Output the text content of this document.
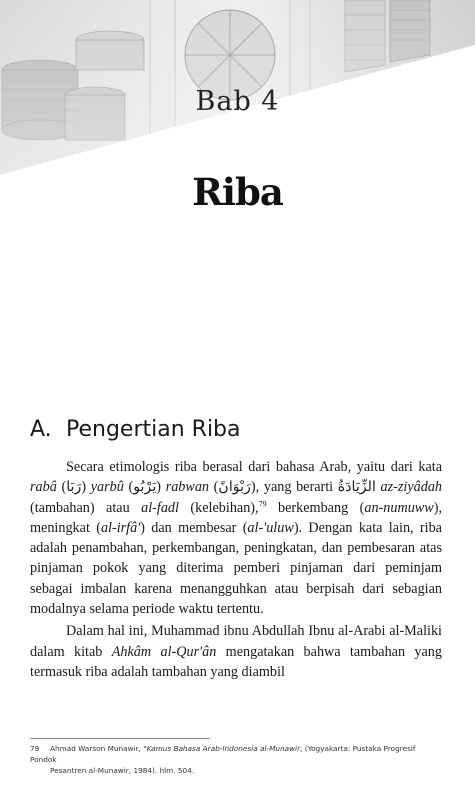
Bab 4
Riba
A. Pengertian Riba

Secara etimologis riba berasal dari bahasa Arab, yaitu dari kata rabâ (رَبَا) yarbû (يَرْبُو) rabwan (رَبْوَانً), yang berarti الزِّيَادَةُ az-ziyâdah (tambahan) atau al-fadl (kelebihan),$^{79}$ berkembang (an-numuww), meningkat (al-irfâ') dan membesar (al-'uluw). Dengan kata lain, riba adalah penambahan, perkembangan, peningkatan, dan pembesaran atas pinjaman pokok yang diterima pemberi pinjaman dari peminjam sebagai imbalan karena menangguhkan atau berpisah dari sebagian modalnya selama periode waktu tertentu.

Dalam hal ini, Muhammad ibnu Abdullah Ibnu al-Arabi al-Maliki dalam kitab Ahkâm al-Qur'ân mengatakan bahwa tambahan yang termasuk riba adalah tambahan yang diambil

79 Ahmad Warson Munawir, "Kamus Bahasa Arab-Indonesia al-Munawir, (Yogyakarta: Pustaka Progresif Pondok
Pesantren al-Munawir, 1984). hlm. 504.
